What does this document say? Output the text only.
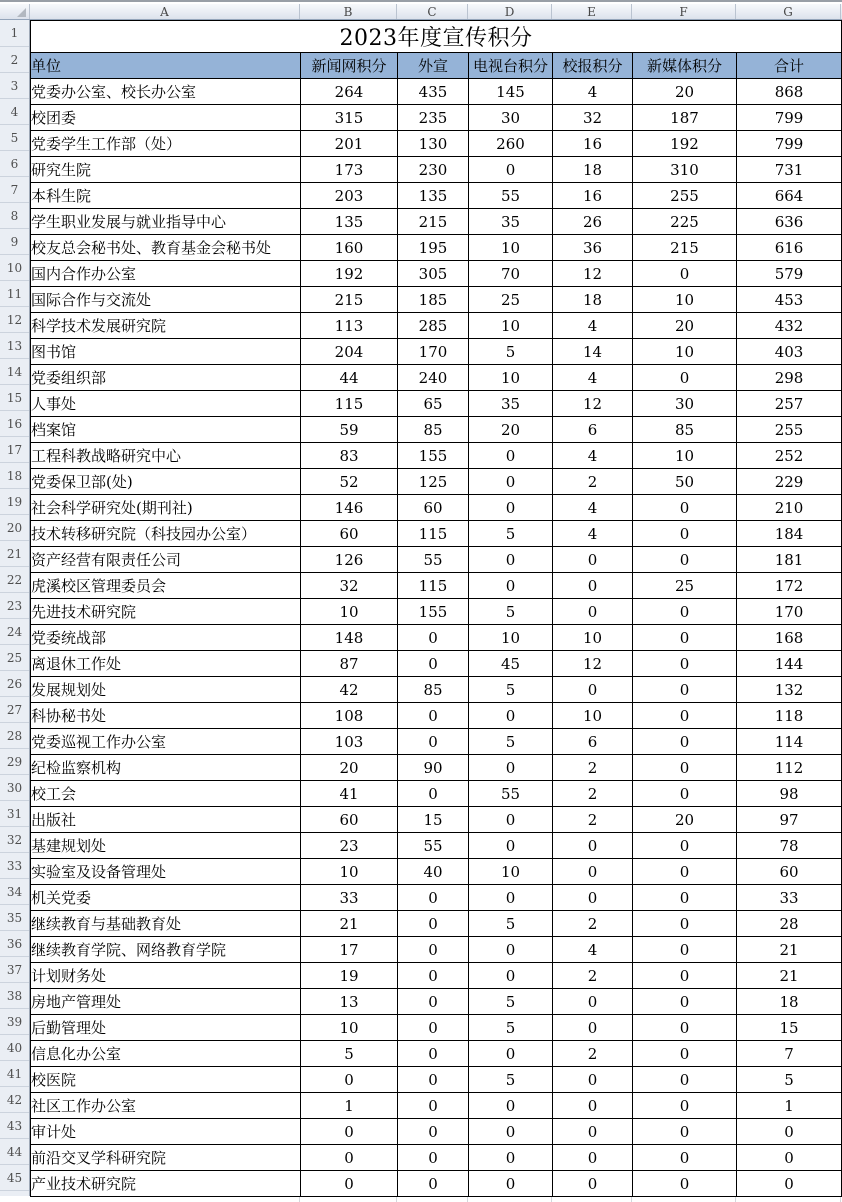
A	B	C	D	E	F	G
1
2
3
4
5
6
7
8
9
10
11
12
13
14
15
16
17
18
19
20
21
22
23
24
25
26
27
28
29
30
31
32
33
34
35
36
37
38
39
40
41
42
43
44
45
2023年度宣传积分						
单位	新闻网积分	外宣	电视台积分	校报积分	新媒体积分	合计
党委办公室、校长办公室	264	435	145	4	20	868
校团委	315	235	30	32	187	799
党委学生工作部（处）	201	130	260	16	192	799
研究生院	173	230	0	18	310	731
本科生院	203	135	55	16	255	664
学生职业发展与就业指导中心	135	215	35	26	225	636
校友总会秘书处、教育基金会秘书处	160	195	10	36	215	616
国内合作办公室	192	305	70	12	0	579
国际合作与交流处	215	185	25	18	10	453
科学技术发展研究院	113	285	10	4	20	432
图书馆	204	170	5	14	10	403
党委组织部	44	240	10	4	0	298
人事处	115	65	35	12	30	257
档案馆	59	85	20	6	85	255
工程科教战略研究中心	83	155	0	4	10	252
党委保卫部(处)	52	125	0	2	50	229
社会科学研究处(期刊社)	146	60	0	4	0	210
技术转移研究院（科技园办公室）	60	115	5	4	0	184
资产经营有限责任公司	126	55	0	0	0	181
虎溪校区管理委员会	32	115	0	0	25	172
先进技术研究院	10	155	5	0	0	170
党委统战部	148	0	10	10	0	168
离退休工作处	87	0	45	12	0	144
发展规划处	42	85	5	0	0	132
科协秘书处	108	0	0	10	0	118
党委巡视工作办公室	103	0	5	6	0	114
纪检监察机构	20	90	0	2	0	112
校工会	41	0	55	2	0	98
出版社	60	15	0	2	20	97
基建规划处	23	55	0	0	0	78
实验室及设备管理处	10	40	10	0	0	60
机关党委	33	0	0	0	0	33
继续教育与基础教育处	21	0	5	2	0	28
继续教育学院、网络教育学院	17	0	0	4	0	21
计划财务处	19	0	0	2	0	21
房地产管理处	13	0	5	0	0	18
后勤管理处	10	0	5	0	0	15
信息化办公室	5	0	0	2	0	7
校医院	0	0	5	0	0	5
社区工作办公室	1	0	0	0	0	1
审计处	0	0	0	0	0	0
前沿交叉学科研究院	0	0	0	0	0	0
产业技术研究院	0	0	0	0	0	0
